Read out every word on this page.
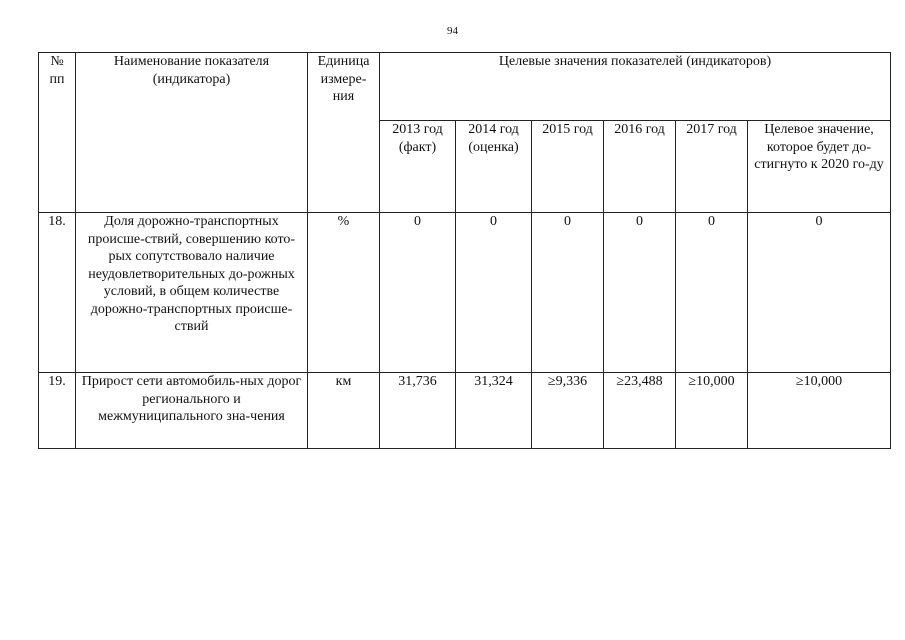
94
№ пп	Наименование показателя (индикатора)	Единица измере-ния	Целевые значения показателей (индикаторов)					
			2013 год (факт)	2014 год (оценка)	2015 год	2016 год	2017 год	Целевое значение, которое будет до-стигнуто к 2020 го-ду
18.	Доля дорожно-транспортных происше-ствий, совершению кото-рых сопутствовало наличие неудовлетворительных до-рожных условий, в общем количестве дорожно-транспортных происше-ствий	%	0	0	0	0	0	0
19.	Прирост сети автомобиль-ных дорог регионального и межмуниципального зна-чения	км	31,736	31,324	≥9,336	≥23,488	≥10,000	≥10,000
